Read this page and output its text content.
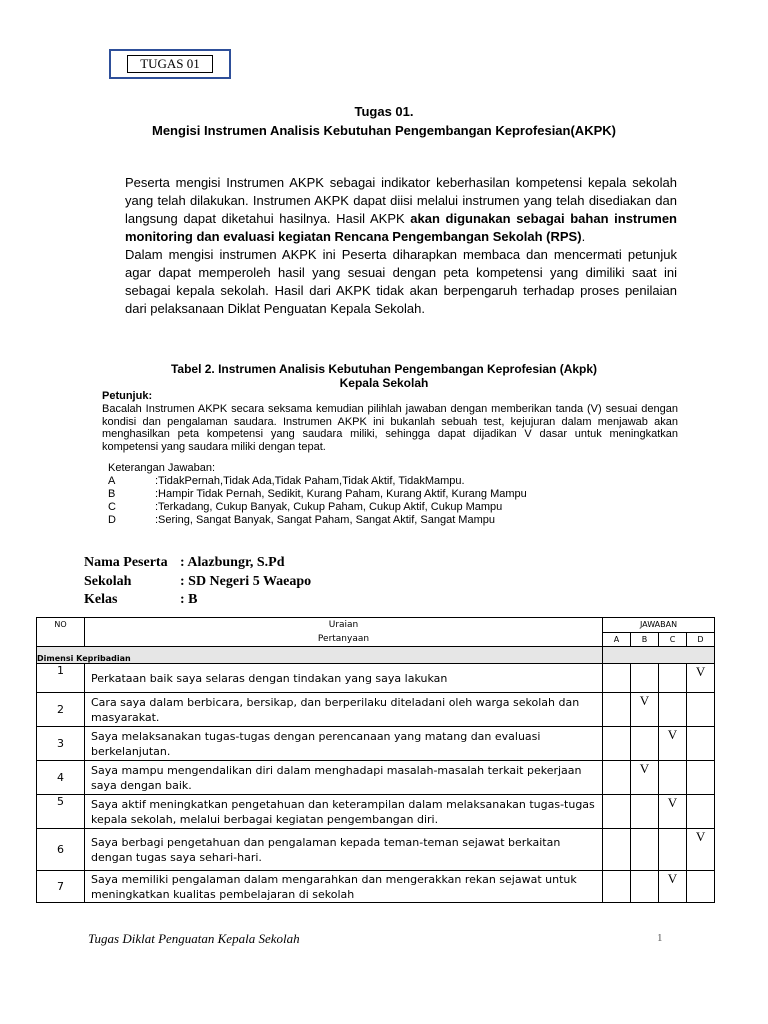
TUGAS 01
Tugas 01.
Mengisi Instrumen Analisis Kebutuhan Pengembangan Keprofesian(AKPK)

Peserta mengisi Instrumen AKPK sebagai indikator keberhasilan kompetensi kepala sekolah yang telah dilakukan. Instrumen AKPK dapat diisi melalui instrumen yang telah disediakan dan langsung dapat diketahui hasilnya. Hasil AKPK akan digunakan sebagai bahan instrumen monitoring dan evaluasi kegiatan Rencana Pengembangan Sekolah (RPS).

Dalam mengisi instrumen AKPK ini Peserta diharapkan membaca dan mencermati petunjuk agar dapat memperoleh hasil yang sesuai dengan peta kompetensi yang dimiliki saat ini sebagai kepala sekolah. Hasil dari AKPK tidak akan berpengaruh terhadap proses penilaian dari pelaksanaan Diklat Penguatan Kepala Sekolah.

Tabel 2. Instrumen Analisis Kebutuhan Pengembangan Keprofesian (Akpk)
Kepala Sekolah
Petunjuk:
Bacalah Instrumen AKPK secara seksama kemudian pilihlah jawaban dengan memberikan tanda (V) sesuai dengan kondisi dan pengalaman saudara. Instrumen AKPK ini bukanlah sebuah test, kejujuran dalam menjawab akan menghasilkan peta kompetensi yang saudara miliki, sehingga dapat dijadikan V dasar untuk meningkatkan kompetensi yang saudara miliki dengan tepat.
Keterangan Jawaban:
A	:TidakPernah,Tidak Ada,Tidak Paham,Tidak Aktif, TidakMampu.
B	:Hampir Tidak Pernah, Sedikit, Kurang Paham, Kurang Aktif, Kurang Mampu
C	:Terkadang, Cukup Banyak, Cukup Paham, Cukup Aktif, Cukup Mampu
D	:Sering, Sangat Banyak, Sangat Paham, Sangat Aktif, Sangat Mampu
Nama Peserta : Alazbungr, S.Pd
Sekolah	: SD Negeri 5 Waeapo
Kelas	: B
NO	Uraian
Pertanyaan	JAWABAN			
		A	B	C	D
Dimensi Kepribadian					
1	Perkataan baik saya selaras dengan tindakan yang saya lakukan				V
2	Cara saya dalam berbicara, bersikap, dan berperilaku diteladani oleh warga sekolah dan masyarakat.		V		
3	Saya melaksanakan tugas-tugas dengan perencanaan yang matang dan evaluasi berkelanjutan.			V	
4	Saya mampu mengendalikan diri dalam menghadapi masalah-masalah terkait pekerjaan saya dengan baik.		V		
5	Saya aktif meningkatkan pengetahuan dan keterampilan dalam melaksanakan tugas-tugas kepala sekolah, melalui berbagai kegiatan pengembangan diri.			V	
6	Saya berbagi pengetahuan dan pengalaman kepada teman-teman sejawat berkaitan dengan tugas saya sehari-hari.				V
7	Saya memiliki pengalaman dalam mengarahkan dan mengerakkan rekan sejawat untuk meningkatkan kualitas pembelajaran di sekolah			V	
Tugas Diklat Penguatan Kepala Sekolah	1
